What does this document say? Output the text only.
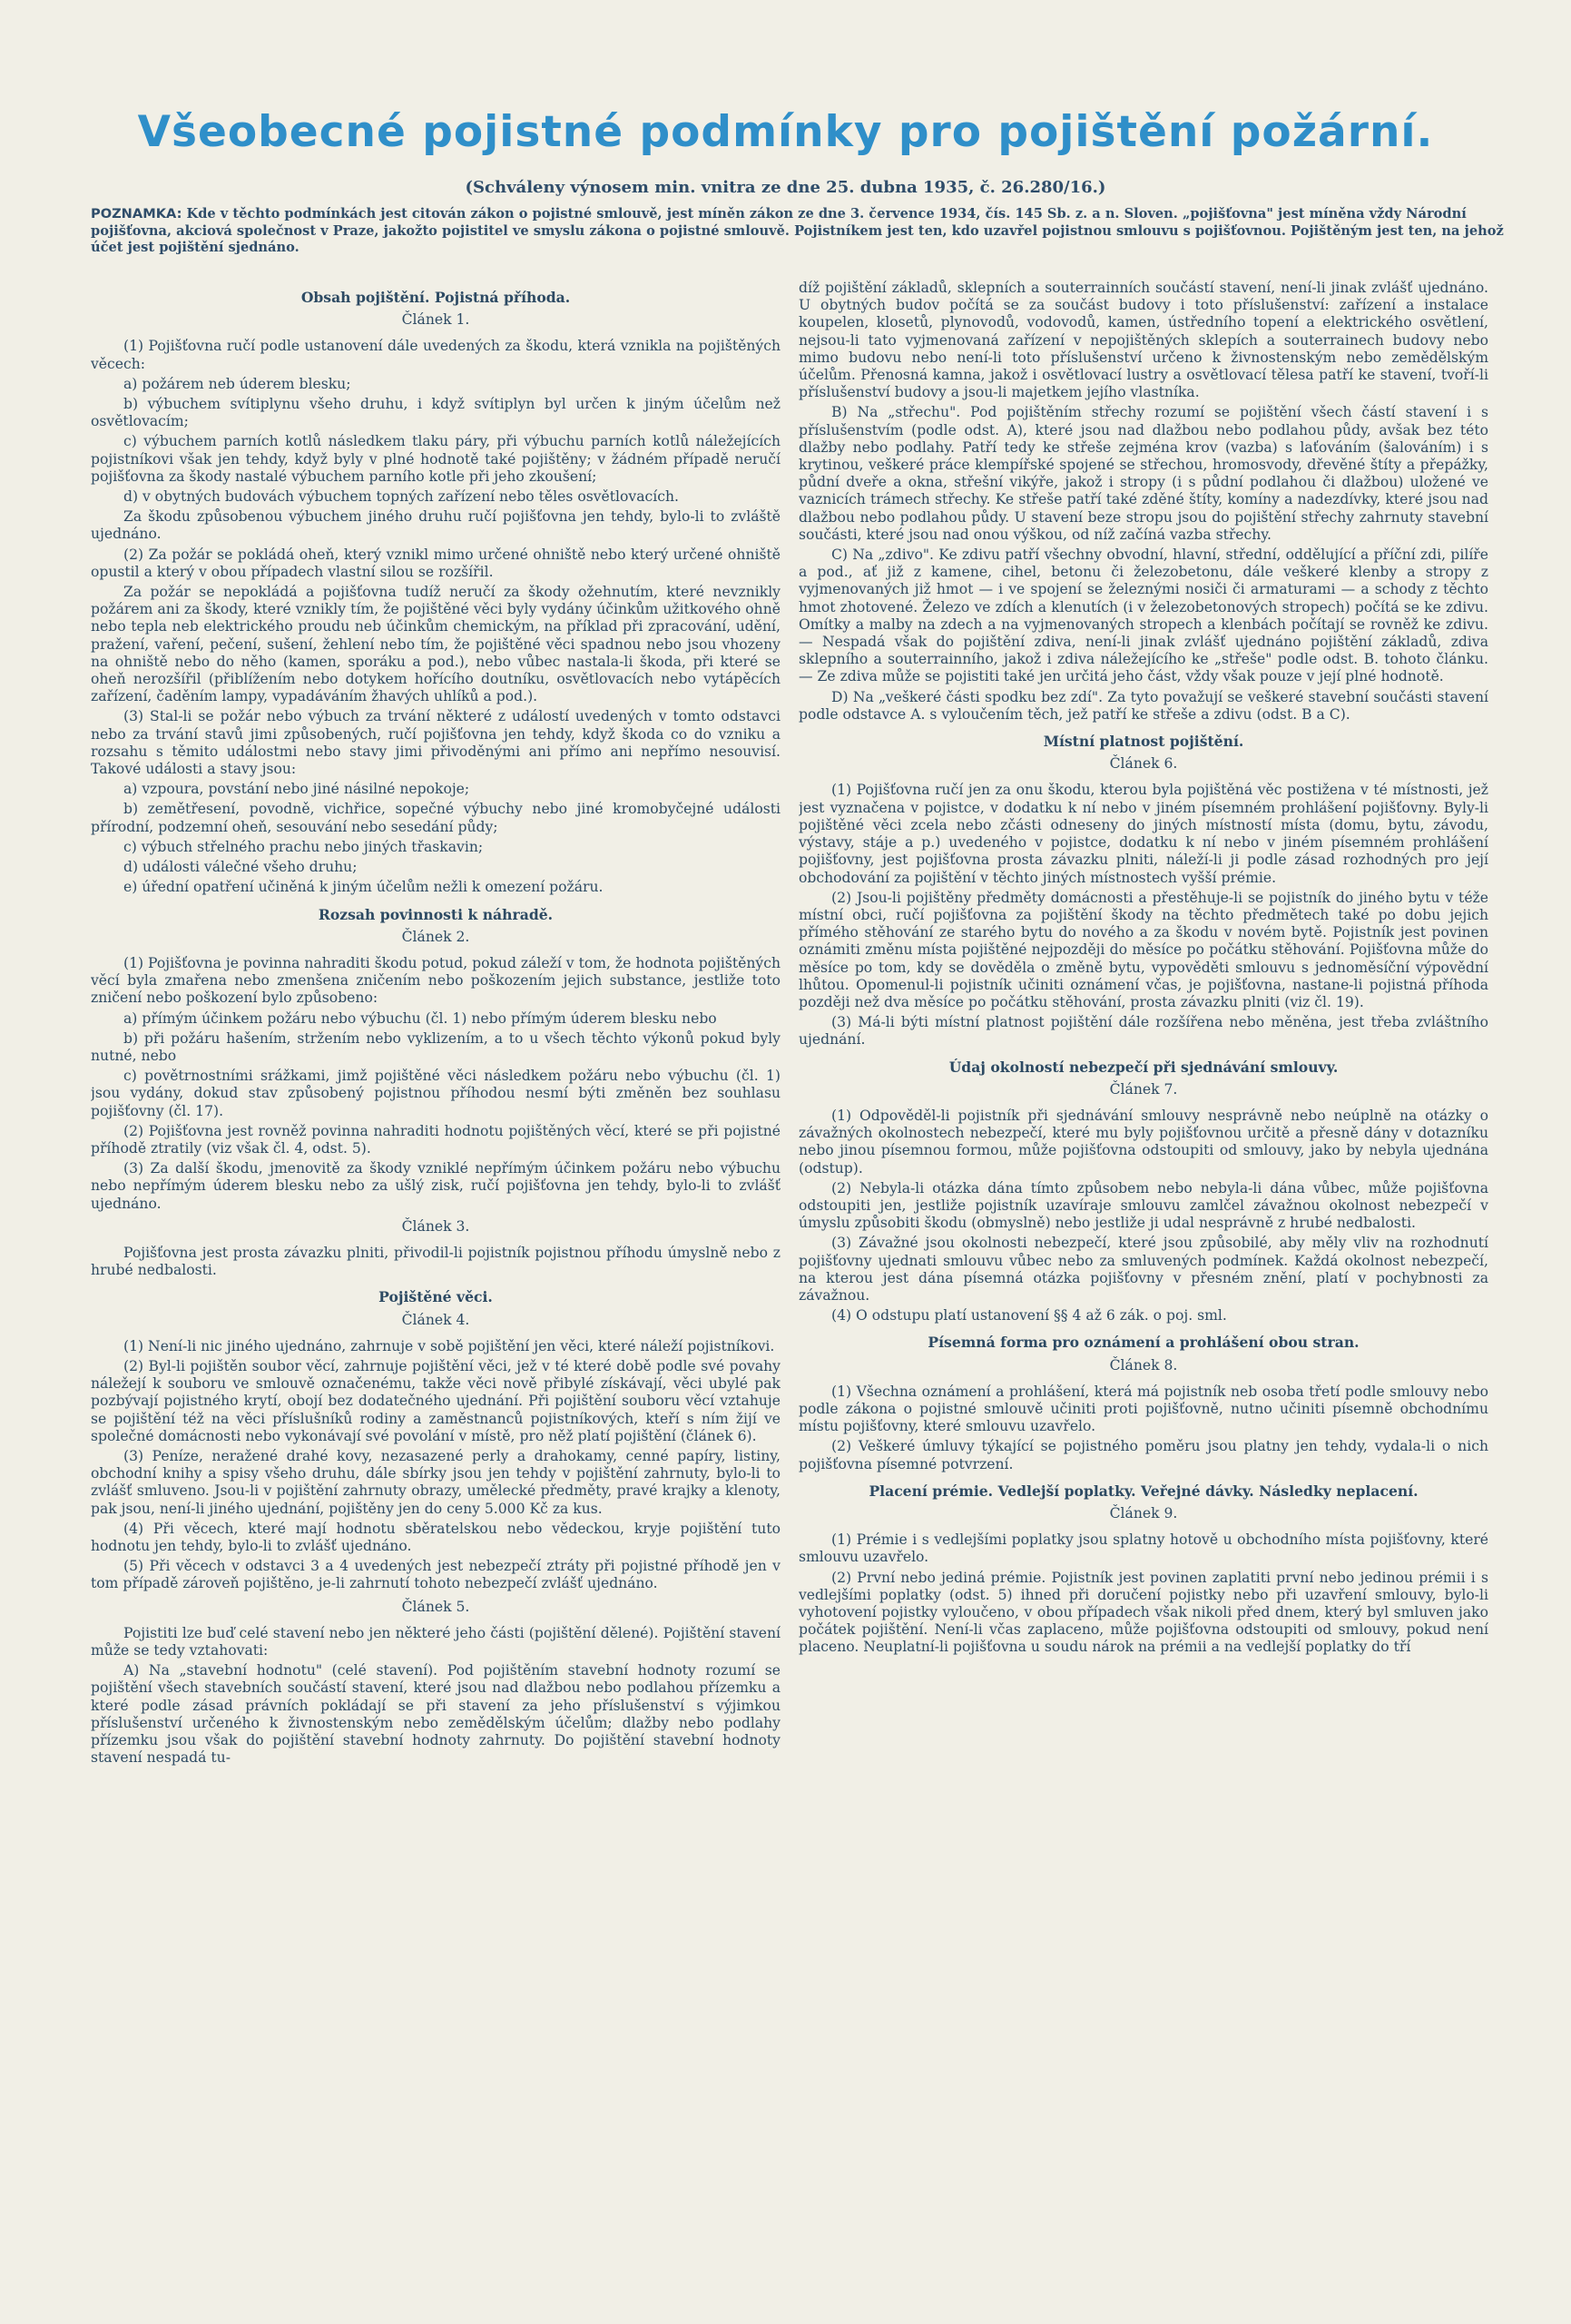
Všeobecné pojistné podmínky pro pojištění požární.
(Schváleny výnosem min. vnitra ze dne 25. dubna 1935, č. 26.280/16.)
POZNAMKA: Kde v těchto podmínkách jest citován zákon o pojistné smlouvě, jest míněn zákon ze dne 3. července 1934, čís. 145 Sb. z. a n. Sloven. „pojišťovna" jest míněna vždy Národní pojišťovna, akciová společnost v Praze, jakožto pojistitel ve smyslu zákona o pojistné smlouvě. Pojistníkem jest ten, kdo uzavřel pojistnou smlouvu s pojišťovnou. Pojištěným jest ten, na jehož účet jest pojištění sjednáno.
Obsah pojištění. Pojistná příhoda.
Článek 1.

(1) Pojišťovna ručí podle ustanovení dále uvedených za škodu, která vznikla na pojištěných věcech:

a) požárem neb úderem blesku;

b) výbuchem svítiplynu všeho druhu, i když svítiplyn byl určen k jiným účelům než osvětlovacím;

c) výbuchem parních kotlů následkem tlaku páry, při výbuchu parních kotlů náležejících pojistníkovi však jen tehdy, když byly v plné hodnotě také pojištěny; v žádném případě neručí pojišťovna za škody nastalé výbuchem parního kotle při jeho zkoušení;

d) v obytných budovách výbuchem topných zařízení nebo těles osvětlovacích.

Za škodu způsobenou výbuchem jiného druhu ručí pojišťovna jen tehdy, bylo-li to zvláště ujednáno.

(2) Za požár se pokládá oheň, který vznikl mimo určené ohniště nebo který určené ohniště opustil a který v obou případech vlastní silou se rozšířil.

Za požár se nepokládá a pojišťovna tudíž neručí za škody ožehnutím, které nevznikly požárem ani za škody, které vznikly tím, že pojištěné věci byly vydány účinkům užitkového ohně nebo tepla neb elektrického proudu neb účinkům chemickým, na příklad při zpracování, udění, pražení, vaření, pečení, sušení, žehlení nebo tím, že pojištěné věci spadnou nebo jsou vhozeny na ohniště nebo do něho (kamen, sporáku a pod.), nebo vůbec nastala-li škoda, při které se oheň nerozšířil (přiblížením nebo dotykem hořícího doutníku, osvětlovacích nebo vytápěcích zařízení, čaděním lampy, vypadáváním žhavých uhlíků a pod.).

(3) Stal-li se požár nebo výbuch za trvání některé z událostí uvedených v tomto odstavci nebo za trvání stavů jimi způsobených, ručí pojišťovna jen tehdy, když škoda co do vzniku a rozsahu s těmito událostmi nebo stavy jimi přivoděnými ani přímo ani nepřímo nesouvisí. Takové události a stavy jsou:

a) vzpoura, povstání nebo jiné násilné nepokoje;

b) zemětřesení, povodně, vichřice, sopečné výbuchy nebo jiné kromobyčejné události přírodní, podzemní oheň, sesouvání nebo sesedání půdy;

c) výbuch střelného prachu nebo jiných třaskavin;

d) události válečné všeho druhu;

e) úřední opatření učiněná k jiným účelům nežli k omezení požáru.

Rozsah povinnosti k náhradě.
Článek 2.

(1) Pojišťovna je povinna nahraditi škodu potud, pokud záleží v tom, že hodnota pojištěných věcí byla zmařena nebo zmenšena zničením nebo poškozením jejich substance, jestliže toto zničení nebo poškození bylo způsobeno:

a) přímým účinkem požáru nebo výbuchu (čl. 1) nebo přímým úderem blesku nebo

b) při požáru hašením, stržením nebo vyklizením, a to u všech těchto výkonů pokud byly nutné, nebo

c) povětrnostními srážkami, jimž pojištěné věci následkem požáru nebo výbuchu (čl. 1) jsou vydány, dokud stav způsobený pojistnou příhodou nesmí býti změněn bez souhlasu pojišťovny (čl. 17).

(2) Pojišťovna jest rovněž povinna nahraditi hodnotu pojištěných věcí, které se při pojistné příhodě ztratily (viz však čl. 4, odst. 5).

(3) Za další škodu, jmenovitě za škody vzniklé nepřímým účinkem požáru nebo výbuchu nebo nepřímým úderem blesku nebo za ušlý zisk, ručí pojišťovna jen tehdy, bylo-li to zvlášť ujednáno.

Článek 3.

Pojišťovna jest prosta závazku plniti, přivodil-li pojistník pojistnou příhodu úmyslně nebo z hrubé nedbalosti.

Pojištěné věci.
Článek 4.

(1) Není-li nic jiného ujednáno, zahrnuje v sobě pojištění jen věci, které náleží pojistníkovi.

(2) Byl-li pojištěn soubor věcí, zahrnuje pojištění věci, jež v té které době podle své povahy náležejí k souboru ve smlouvě označenému, takže věci nově přibylé získávají, věci ubylé pak pozbývají pojistného krytí, obojí bez dodatečného ujednání. Při pojištění souboru věcí vztahuje se pojištění též na věci příslušníků rodiny a zaměstnanců pojistníkových, kteří s ním žijí ve společné domácnosti nebo vykonávají své povolání v místě, pro něž platí pojištění (článek 6).

(3) Peníze, neražené drahé kovy, nezasazené perly a drahokamy, cenné papíry, listiny, obchodní knihy a spisy všeho druhu, dále sbírky jsou jen tehdy v pojištění zahrnuty, bylo-li to zvlášť smluveno. Jsou-li v pojištění zahrnuty obrazy, umělecké předměty, pravé krajky a klenoty, pak jsou, není-li jiného ujednání, pojištěny jen do ceny 5.000 Kč za kus.

(4) Při věcech, které mají hodnotu sběratelskou nebo vědeckou, kryje pojištění tuto hodnotu jen tehdy, bylo-li to zvlášť ujednáno.

(5) Při věcech v odstavci 3 a 4 uvedených jest nebezpečí ztráty při pojistné příhodě jen v tom případě zároveň pojištěno, je-li zahrnutí tohoto nebezpečí zvlášť ujednáno.

Článek 5.

Pojistiti lze buď celé stavení nebo jen některé jeho části (pojištění dělené). Pojištění stavení může se tedy vztahovati:

A) Na „stavební hodnotu" (celé stavení). Pod pojištěním stavební hodnoty rozumí se pojištění všech stavebních součástí stavení, které jsou nad dlažbou nebo podlahou přízemku a které podle zásad právních pokládají se při stavení za jeho příslušenství s výjimkou příslušenství určeného k živnostenským nebo zemědělským účelům; dlažby nebo podlahy přízemku jsou však do pojištění stavební hodnoty zahrnuty. Do pojištění stavební hodnoty stavení nespadá tu-

díž pojištění základů, sklepních a souterrainních součástí stavení, není-li jinak zvlášť ujednáno. U obytných budov počítá se za součást budovy i toto příslušenství: zařízení a instalace koupelen, klosetů, plynovodů, vodovodů, kamen, ústředního topení a elektrického osvětlení, nejsou-li tato vyjmenovaná zařízení v nepojištěných sklepích a souterrainech budovy nebo mimo budovu nebo není-li toto příslušenství určeno k živnostenským nebo zemědělským účelům. Přenosná kamna, jakož i osvětlovací lustry a osvětlovací tělesa patří ke stavení, tvoří-li příslušenství budovy a jsou-li majetkem jejího vlastníka.

B) Na „střechu". Pod pojištěním střechy rozumí se pojištění všech částí stavení i s příslušenstvím (podle odst. A), které jsou nad dlažbou nebo podlahou půdy, avšak bez této dlažby nebo podlahy. Patří tedy ke střeše zejména krov (vazba) s laťováním (šalováním) i s krytinou, veškeré práce klempířské spojené se střechou, hromosvody, dřevěné štíty a přepážky, půdní dveře a okna, střešní vikýře, jakož i stropy (i s půdní podlahou či dlažbou) uložené ve vaznicích trámech střechy. Ke střeše patří také zděné štíty, komíny a nadezdívky, které jsou nad dlažbou nebo podlahou půdy. U stavení beze stropu jsou do pojištění střechy zahrnuty stavební součásti, které jsou nad onou výškou, od níž začíná vazba střechy.

C) Na „zdivo". Ke zdivu patří všechny obvodní, hlavní, střední, oddělující a příční zdi, pilíře a pod., ať již z kamene, cihel, betonu či železobetonu, dále veškeré klenby a stropy z vyjmenovaných již hmot — i ve spojení se železnými nosiči či armaturami — a schody z těchto hmot zhotovené. Železo ve zdích a klenutích (i v železobetonových stropech) počítá se ke zdivu. Omítky a malby na zdech a na vyjmenovaných stropech a klenbách počítají se rovněž ke zdivu. — Nespadá však do pojištění zdiva, není-li jinak zvlášť ujednáno pojištění základů, zdiva sklepního a souterrainního, jakož i zdiva náležejícího ke „střeše" podle odst. B. tohoto článku. — Ze zdiva může se pojistiti také jen určitá jeho část, vždy však pouze v její plné hodnotě.

D) Na „veškeré části spodku bez zdí". Za tyto považují se veškeré stavební součásti stavení podle odstavce A. s vyloučením těch, jež patří ke střeše a zdivu (odst. B a C).

Místní platnost pojištění.
Článek 6.

(1) Pojišťovna ručí jen za onu škodu, kterou byla pojištěná věc postižena v té místnosti, jež jest vyznačena v pojistce, v dodatku k ní nebo v jiném písemném prohlášení pojišťovny. Byly-li pojištěné věci zcela nebo zčásti odneseny do jiných místností místa (domu, bytu, závodu, výstavy, stáje a p.) uvedeného v pojistce, dodatku k ní nebo v jiném písemném prohlášení pojišťovny, jest pojišťovna prosta závazku plniti, náleží-li ji podle zásad rozhodných pro její obchodování za pojištění v těchto jiných místnostech vyšší prémie.

(2) Jsou-li pojištěny předměty domácnosti a přestěhuje-li se pojistník do jiného bytu v téže místní obci, ručí pojišťovna za pojištění škody na těchto předmětech také po dobu jejich přímého stěhování ze starého bytu do nového a za škodu v novém bytě. Pojistník jest povinen oznámiti změnu místa pojištěné nejpozději do měsíce po počátku stěhování. Pojišťovna může do měsíce po tom, kdy se dověděla o změně bytu, vypověděti smlouvu s jednoměsíční výpovědní lhůtou. Opomenul-li pojistník učiniti oznámení včas, je pojišťovna, nastane-li pojistná příhoda později než dva měsíce po počátku stěhování, prosta závazku plniti (viz čl. 19).

(3) Má-li býti místní platnost pojištění dále rozšířena nebo měněna, jest třeba zvláštního ujednání.

Údaj okolností nebezpečí při sjednávání smlouvy.
Článek 7.

(1) Odpověděl-li pojistník při sjednávání smlouvy nesprávně nebo neúplně na otázky o závažných okolnostech nebezpečí, které mu byly pojišťovnou určitě a přesně dány v dotazníku nebo jinou písemnou formou, může pojišťovna odstoupiti od smlouvy, jako by nebyla ujednána (odstup).

(2) Nebyla-li otázka dána tímto způsobem nebo nebyla-li dána vůbec, může pojišťovna odstoupiti jen, jestliže pojistník uzavíraje smlouvu zamlčel závažnou okolnost nebezpečí v úmyslu způsobiti škodu (obmyslně) nebo jestliže ji udal nesprávně z hrubé nedbalosti.

(3) Závažné jsou okolnosti nebezpečí, které jsou způsobilé, aby měly vliv na rozhodnutí pojišťovny ujednati smlouvu vůbec nebo za smluvených podmínek. Každá okolnost nebezpečí, na kterou jest dána písemná otázka pojišťovny v přesném znění, platí v pochybnosti za závažnou.

(4) O odstupu platí ustanovení §§ 4 až 6 zák. o poj. sml.

Písemná forma pro oznámení a prohlášení obou stran.
Článek 8.

(1) Všechna oznámení a prohlášení, která má pojistník neb osoba třetí podle smlouvy nebo podle zákona o pojistné smlouvě učiniti proti pojišťovně, nutno učiniti písemně obchodnímu místu pojišťovny, které smlouvu uzavřelo.

(2) Veškeré úmluvy týkající se pojistného poměru jsou platny jen tehdy, vydala-li o nich pojišťovna písemné potvrzení.

Placení prémie. Vedlejší poplatky. Veřejné dávky. Následky neplacení.
Článek 9.

(1) Prémie i s vedlejšími poplatky jsou splatny hotově u obchodního místa pojišťovny, které smlouvu uzavřelo.

(2) První nebo jediná prémie. Pojistník jest povinen zaplatiti první nebo jedinou prémii i s vedlejšími poplatky (odst. 5) ihned při doručení pojistky nebo při uzavření smlouvy, bylo-li vyhotovení pojistky vyloučeno, v obou případech však nikoli před dnem, který byl smluven jako počátek pojištění. Není-li včas zaplaceno, může pojišťovna odstoupiti od smlouvy, pokud není placeno. Neuplatní-li pojišťovna u soudu nárok na prémii a na vedlejší poplatky do tří
